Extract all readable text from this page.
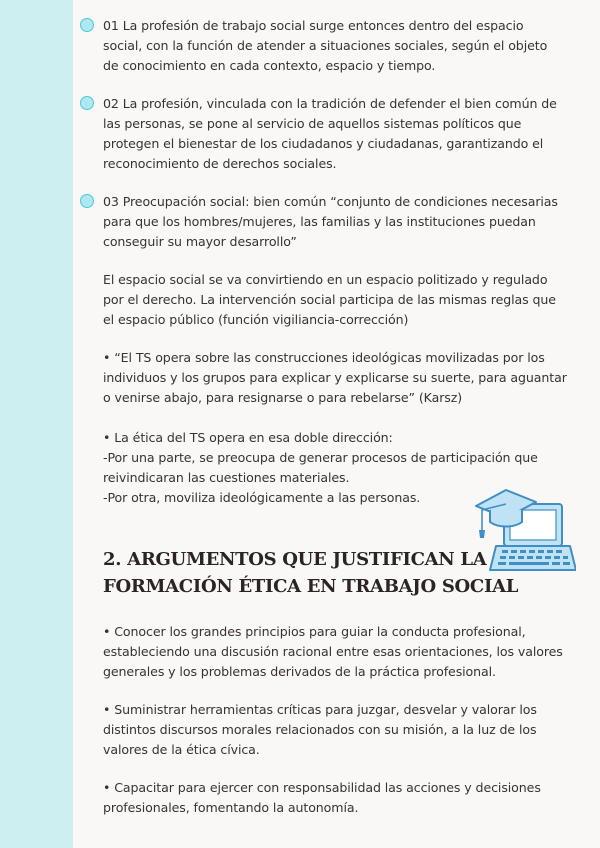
01 La profesión de trabajo social surge entonces dentro del espacio
social, con la función de atender a situaciones sociales, según el objeto
de conocimiento en cada contexto, espacio y tiempo.
02 La profesión, vinculada con la tradición de defender el bien común de
las personas, se pone al servicio de aquellos sistemas políticos que
protegen el bienestar de los ciudadanos y ciudadanas, garantizando el
reconocimiento de derechos sociales.
03 Preocupación social: bien común “conjunto de condiciones necesarias
para que los hombres/mujeres, las familias y las instituciones puedan
conseguir su mayor desarrollo”
El espacio social se va convirtiendo en un espacio politizado y regulado
por el derecho. La intervención social participa de las mismas reglas que
el espacio público (función vigiliancia-corrección)
• “El TS opera sobre las construcciones ideológicas movilizadas por los
individuos y los grupos para explicar y explicarse su suerte, para aguantar
o venirse abajo, para resignarse o para rebelarse” (Karsz)
• La ética del TS opera en esa doble dirección:
-Por una parte, se preocupa de generar procesos de participación que
reivindicaran las cuestiones materiales.
-Por otra, moviliza ideológicamente a las personas.
2. ARGUMENTOS QUE JUSTIFICAN LA
FORMACIÓN ÉTICA EN TRABAJO SOCIAL
• Conocer los grandes principios para guiar la conducta profesional,
estableciendo una discusión racional entre esas orientaciones, los valores
generales y los problemas derivados de la práctica profesional.
• Suministrar herramientas críticas para juzgar, desvelar y valorar los
distintos discursos morales relacionados con su misión, a la luz de los
valores de la ética cívica.
• Capacitar para ejercer con responsabilidad las acciones y decisiones
profesionales, fomentando la autonomía.
